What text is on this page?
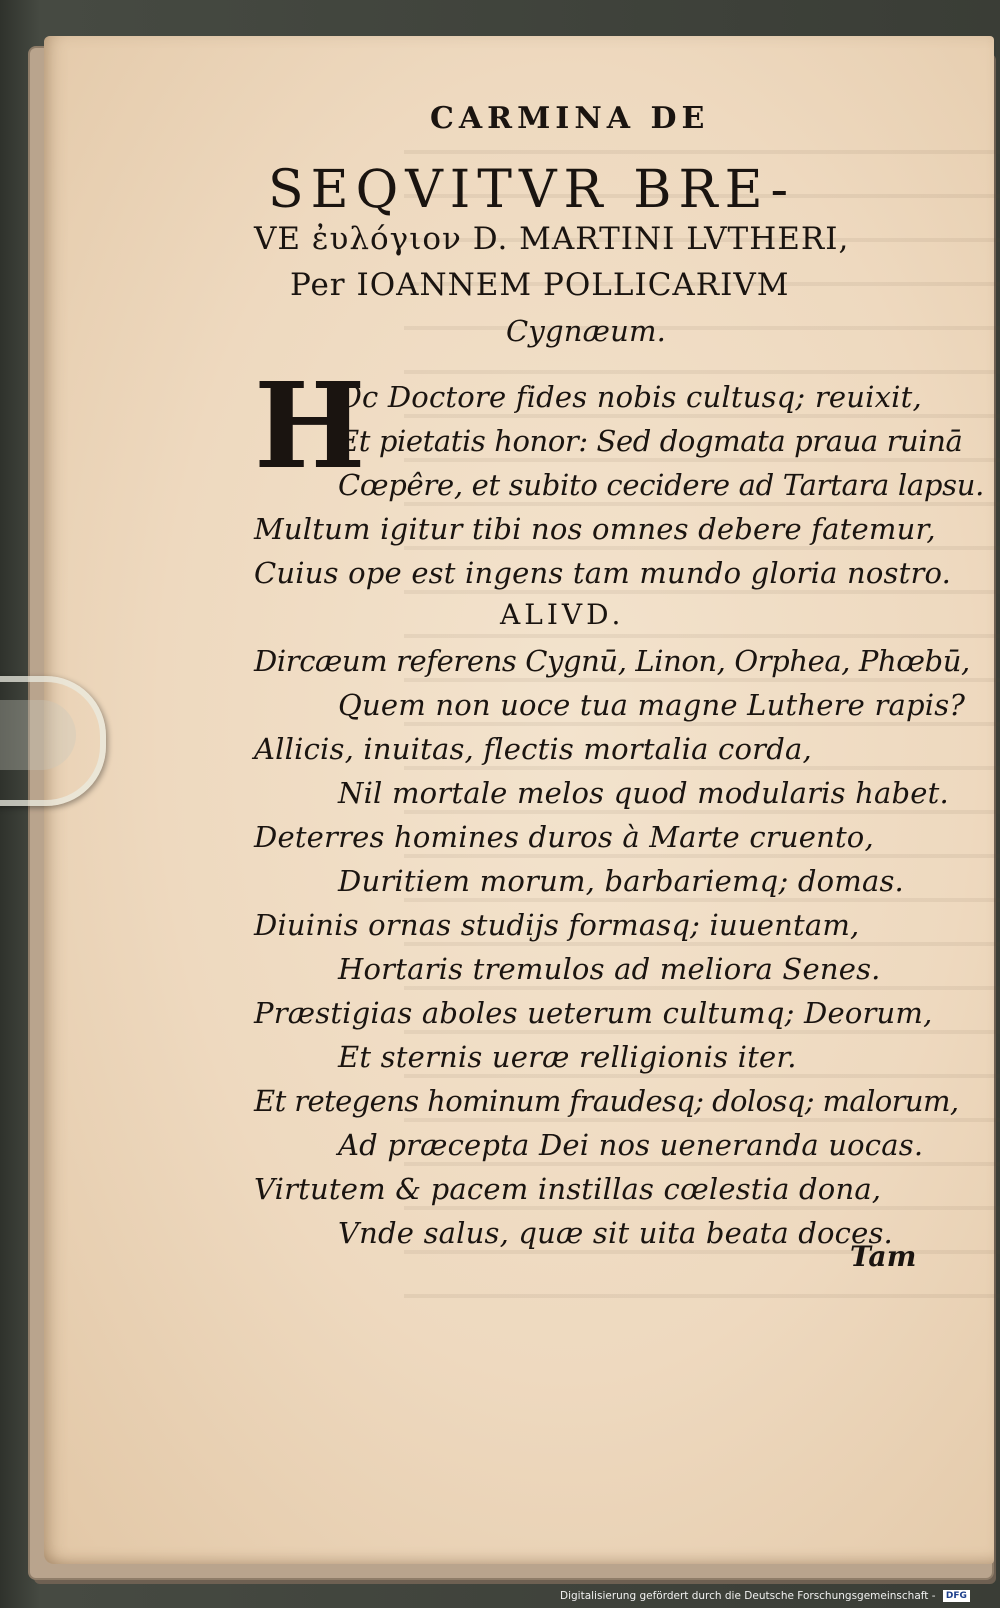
CARMINA DE
SEQVITVR BRE-
VE ἐυλόγιον D. MARTINI LVTHERI,
Per IOANNEM POLLICARIVM
Cygnæum.
H
Oc Doctore fides nobis cultusq; reuixit,
Et pietatis honor: Sed dogmata praua ruinā
Cœpêre, et subito cecidere ad Tartara lapsu.
Multum igitur tibi nos omnes debere fatemur,
Cuius ope est ingens tam mundo gloria nostro.
ALIVD.
Dircæum referens Cygnū, Linon, Orphea, Phœbū,
Quem non uoce tua magne Luthere rapis?
Allicis, inuitas, flectis mortalia corda,
Nil mortale melos quod modularis habet.
Deterres homines duros à Marte cruento,
Duritiem morum, barbariemq; domas.
Diuinis ornas studijs formasq; iuuentam,
Hortaris tremulos ad meliora Senes.
Præstigias aboles ueterum cultumq; Deorum,
Et sternis ueræ relligionis iter.
Et retegens hominum fraudesq; dolosq; malorum,
Ad præcepta Dei nos ueneranda uocas.
Virtutem & pacem instillas cœlestia dona,
Vnde salus, quæ sit uita beata doces.
Tam
Digitalisierung gefördert durch die Deutsche Forschungsgemeinschaft - DFG
